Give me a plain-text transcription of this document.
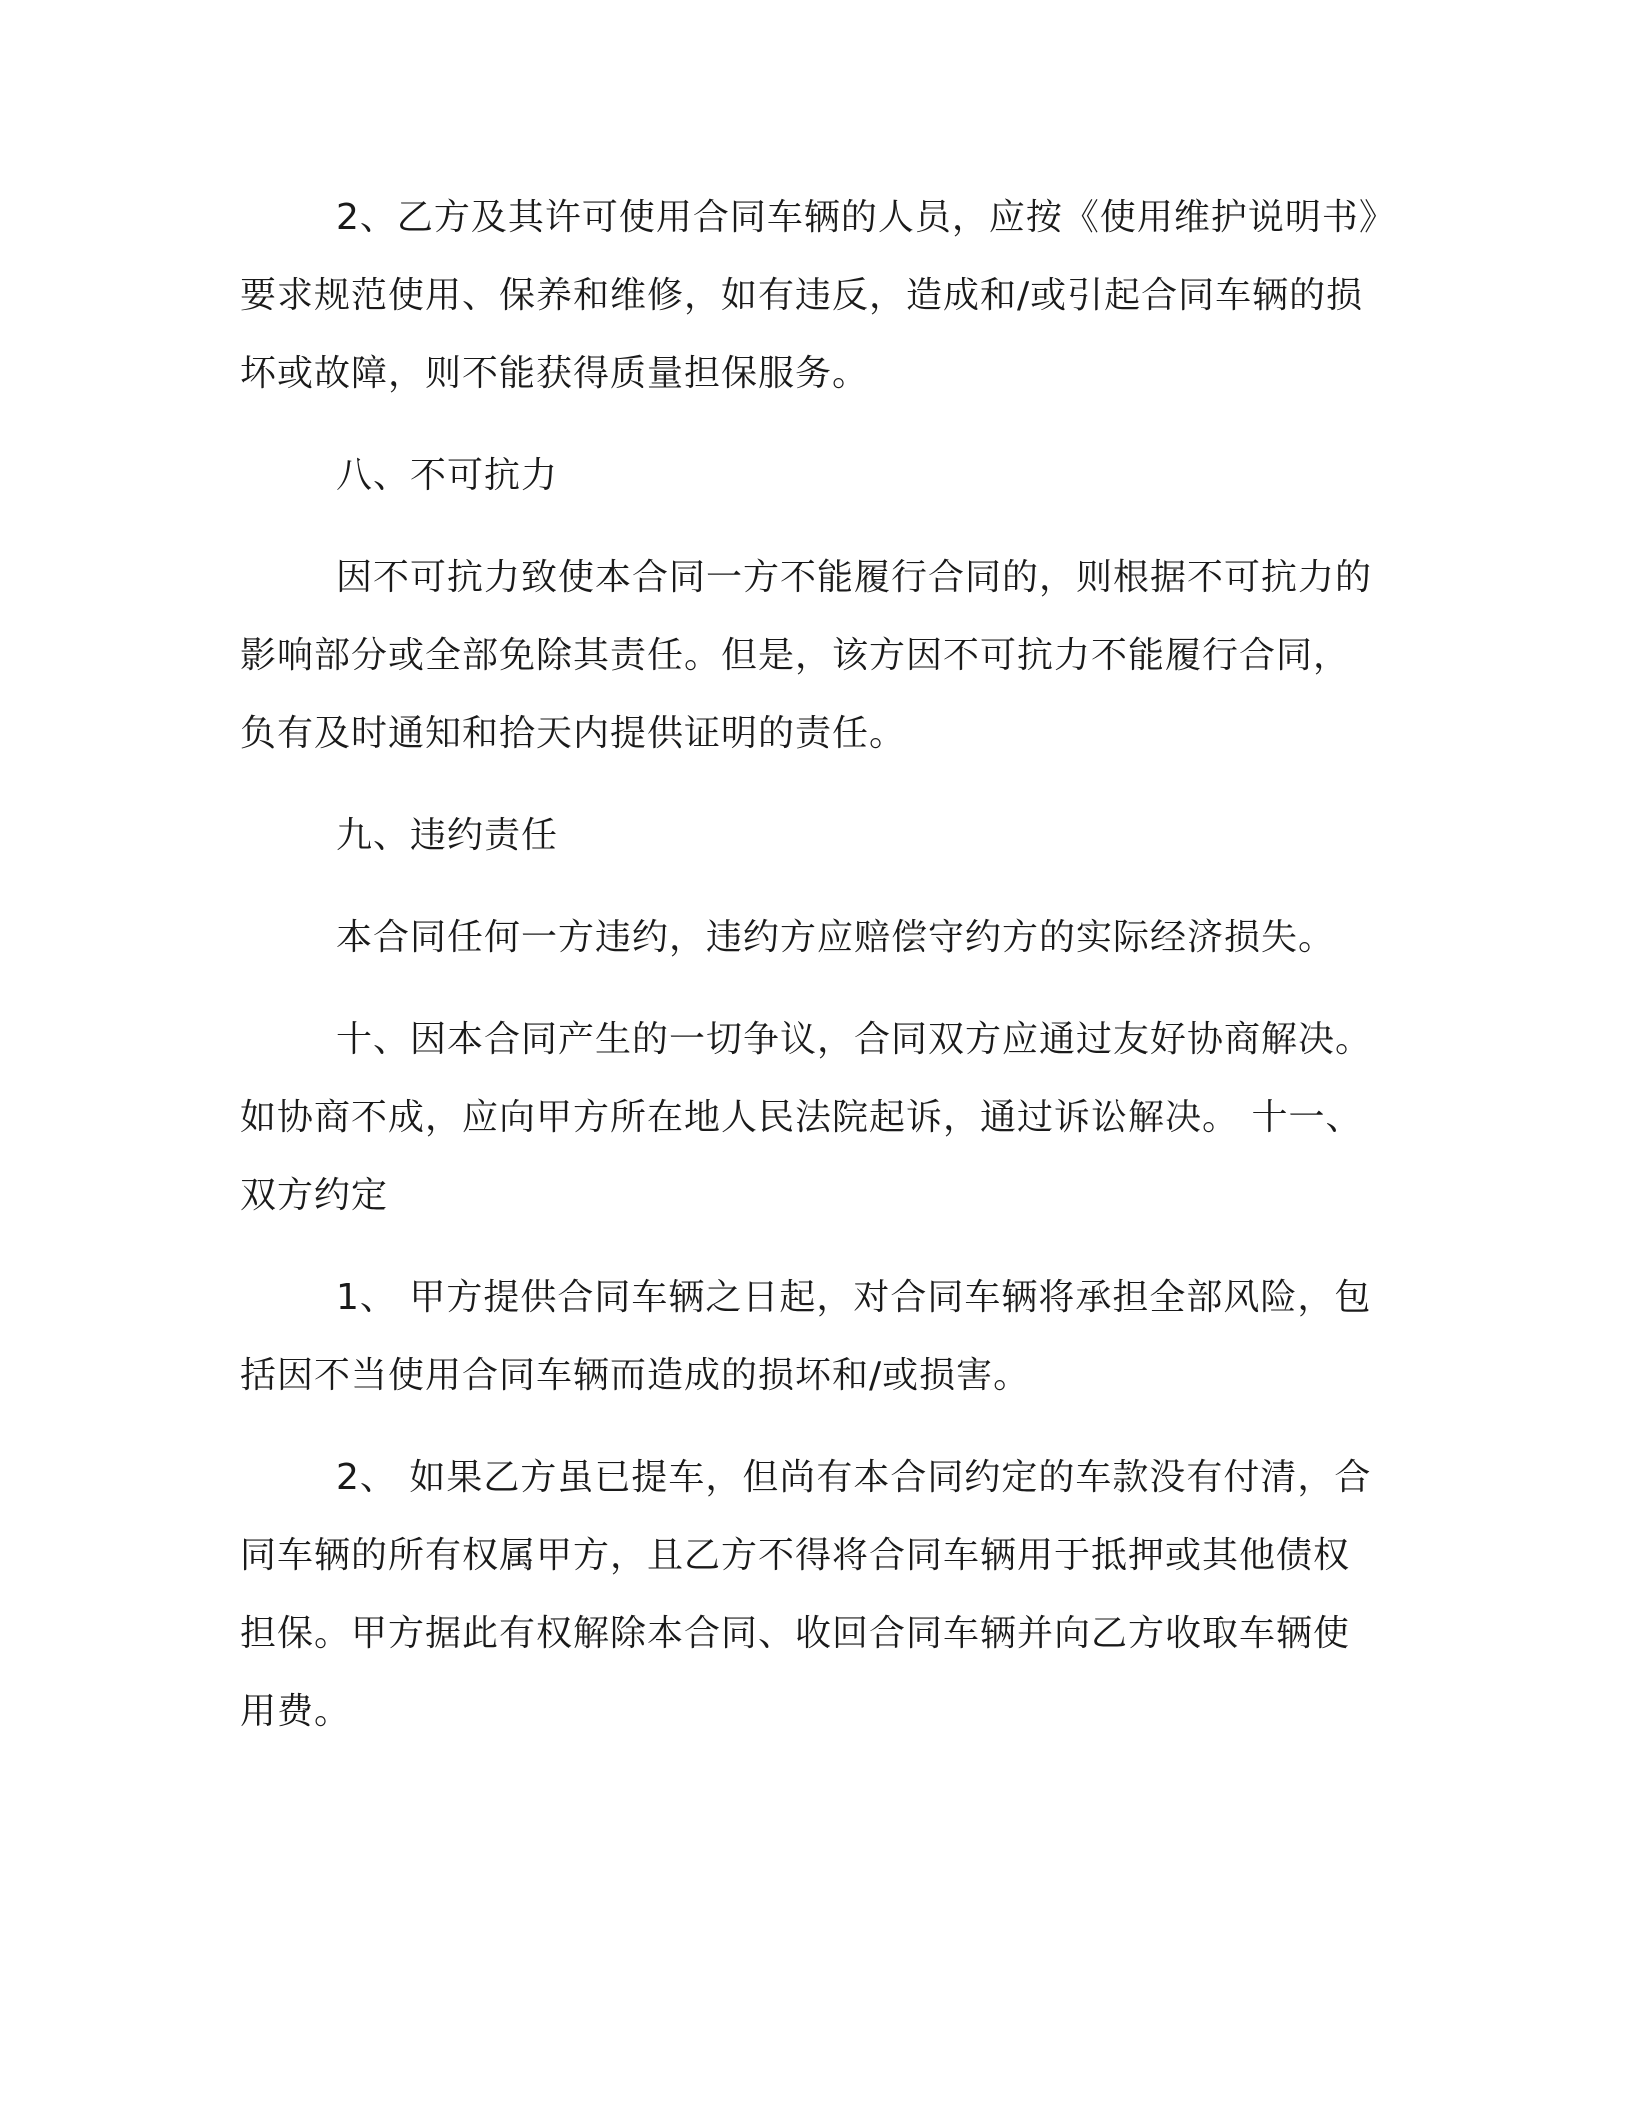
2、乙方及其许可使用合同车辆的人员，应按《使用维护说明书》
要求规范使用、保养和维修，如有违反，造成和/或引起合同车辆的损
坏或故障，则不能获得质量担保服务。
八、不可抗力
因不可抗力致使本合同一方不能履行合同的，则根据不可抗力的
影响部分或全部免除其责任。但是，该方因不可抗力不能履行合同，
负有及时通知和拾天内提供证明的责任。
九、违约责任
本合同任何一方违约，违约方应赔偿守约方的实际经济损失。
十、因本合同产生的一切争议，合同双方应通过友好协商解决。
如协商不成，应向甲方所在地人民法院起诉，通过诉讼解决。 十一、
双方约定
1、 甲方提供合同车辆之日起，对合同车辆将承担全部风险，包
括因不当使用合同车辆而造成的损坏和/或损害。
2、 如果乙方虽已提车，但尚有本合同约定的车款没有付清，合
同车辆的所有权属甲方，且乙方不得将合同车辆用于抵押或其他债权
担保。甲方据此有权解除本合同、收回合同车辆并向乙方收取车辆使
用费。
